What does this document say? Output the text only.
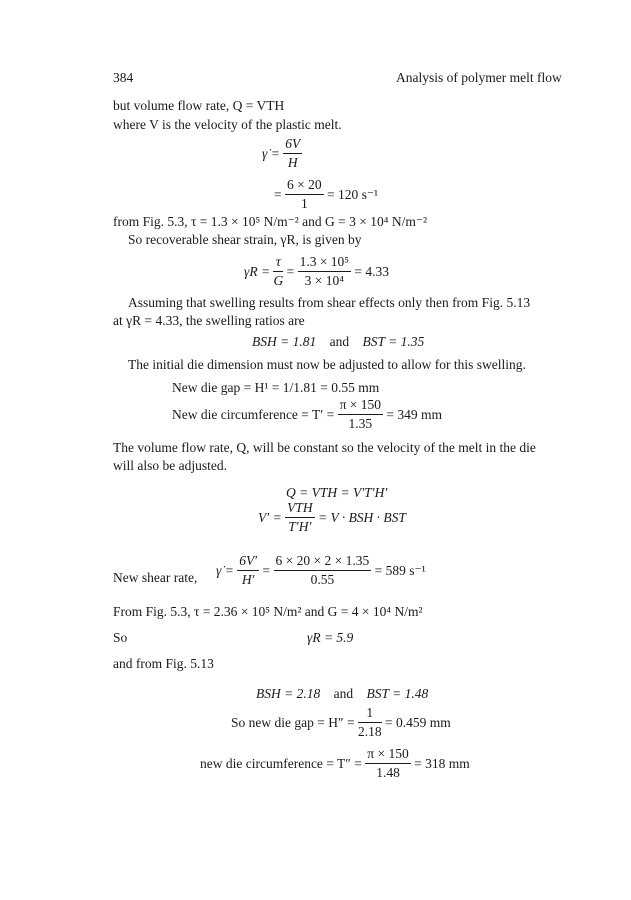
384	Analysis of polymer melt flow
but volume flow rate, Q = VTH
where V is the velocity of the plastic melt.
γ̇ = $\frac{6V}{H}$
= $\frac{6 \times 20}{1} = 120$ s⁻¹
from Fig. 5.3, τ = 1.3 × 10⁵ N/m⁻² and G = 3 × 10⁴ N/m⁻²
So recoverable shear strain, γR, is given by
$\gamma R = \frac{\tau}{G} = \frac{\text{1.3 × 10⁵}}{\text{3 × 10⁴}} = 4.33$
Assuming that swelling results from shear effects only then from Fig. 5.13
at γR = 4.33, the swelling ratios are
BSH = 1.81 and BST = 1.35
The initial die dimension must now be adjusted to allow for this swelling.
New die gap = H¹ = 1/1.81 = 0.55 mm
New die circumference = $T' = \frac{\pi \times 150}{1.35} = 349$ mm
The volume flow rate, Q, will be constant so the velocity of the melt in the die
will also be adjusted.
Q = VTH = V′T′H′
$V' = \frac{\text{VTH}}{T'H'} = V$ · BSH · BST
New shear rate, γ̇ = $\frac{6V'}{H'} = \frac{6 \times 20 \times 2 \times 1.35}{0.55} = 589$ s⁻¹
From Fig. 5.3, τ = 2.36 × 10⁵ N/m² and G = 4 × 10⁴ N/m²
So	γR = 5.9
and from Fig. 5.13
BSH = 2.18 and BST = 1.48
So new die gap = $H'' = \frac{1}{2.18} = 0.459$ mm
new die circumference = $T'' = \frac{\pi \times 150}{1.48} = 318$ mm
